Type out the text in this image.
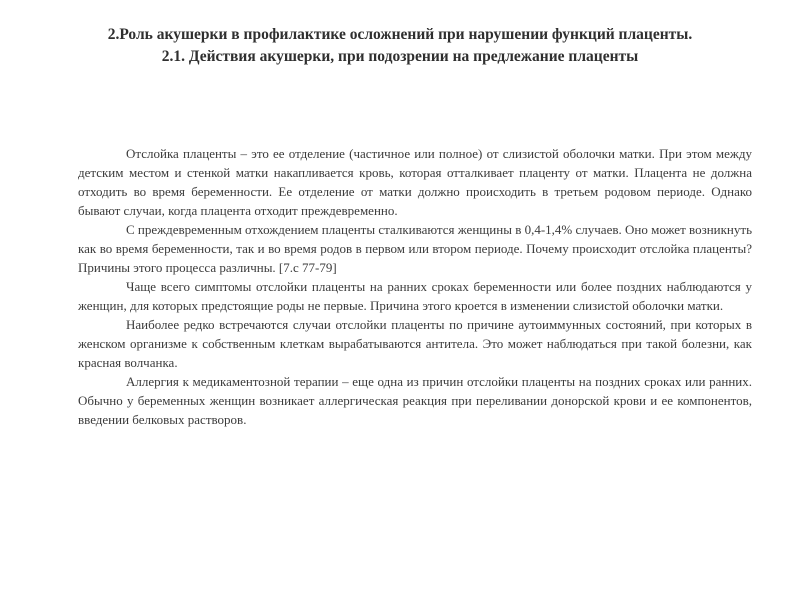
2.Роль акушерки в профилактике осложнений при нарушении функций плаценты.
2.1. Действия акушерки, при подозрении на предлежание плаценты

Отслойка плаценты – это ее отделение (частичное или полное) от слизистой оболочки матки. При этом между детским местом и стенкой матки накапливается кровь, которая отталкивает плаценту от матки. Плацента не должна отходить во время беременности. Ее отделение от матки должно происходить в третьем родовом периоде. Однако бывают случаи, когда плацента отходит преждевременно.

С преждевременным отхождением плаценты сталкиваются женщины в 0,4-1,4% случаев. Оно может возникнуть как во время беременности, так и во время родов в первом или втором периоде. Почему происходит отслойка плаценты? Причины этого процесса различны. [7.с 77-79]

Чаще всего симптомы отслойки плаценты на ранних сроках беременности или более поздних наблюдаются у женщин, для которых предстоящие роды не первые. Причина этого кроется в изменении слизистой оболочки матки.

Наиболее редко встречаются случаи отслойки плаценты по причине аутоиммунных состояний, при которых в женском организме к собственным клеткам вырабатываются антитела. Это может наблюдаться при такой болезни, как красная волчанка.

Аллергия к медикаментозной терапии – еще одна из причин отслойки плаценты на поздних сроках или ранних. Обычно у беременных женщин возникает аллергическая реакция при переливании донорской крови и ее компонентов, введении белковых растворов.
